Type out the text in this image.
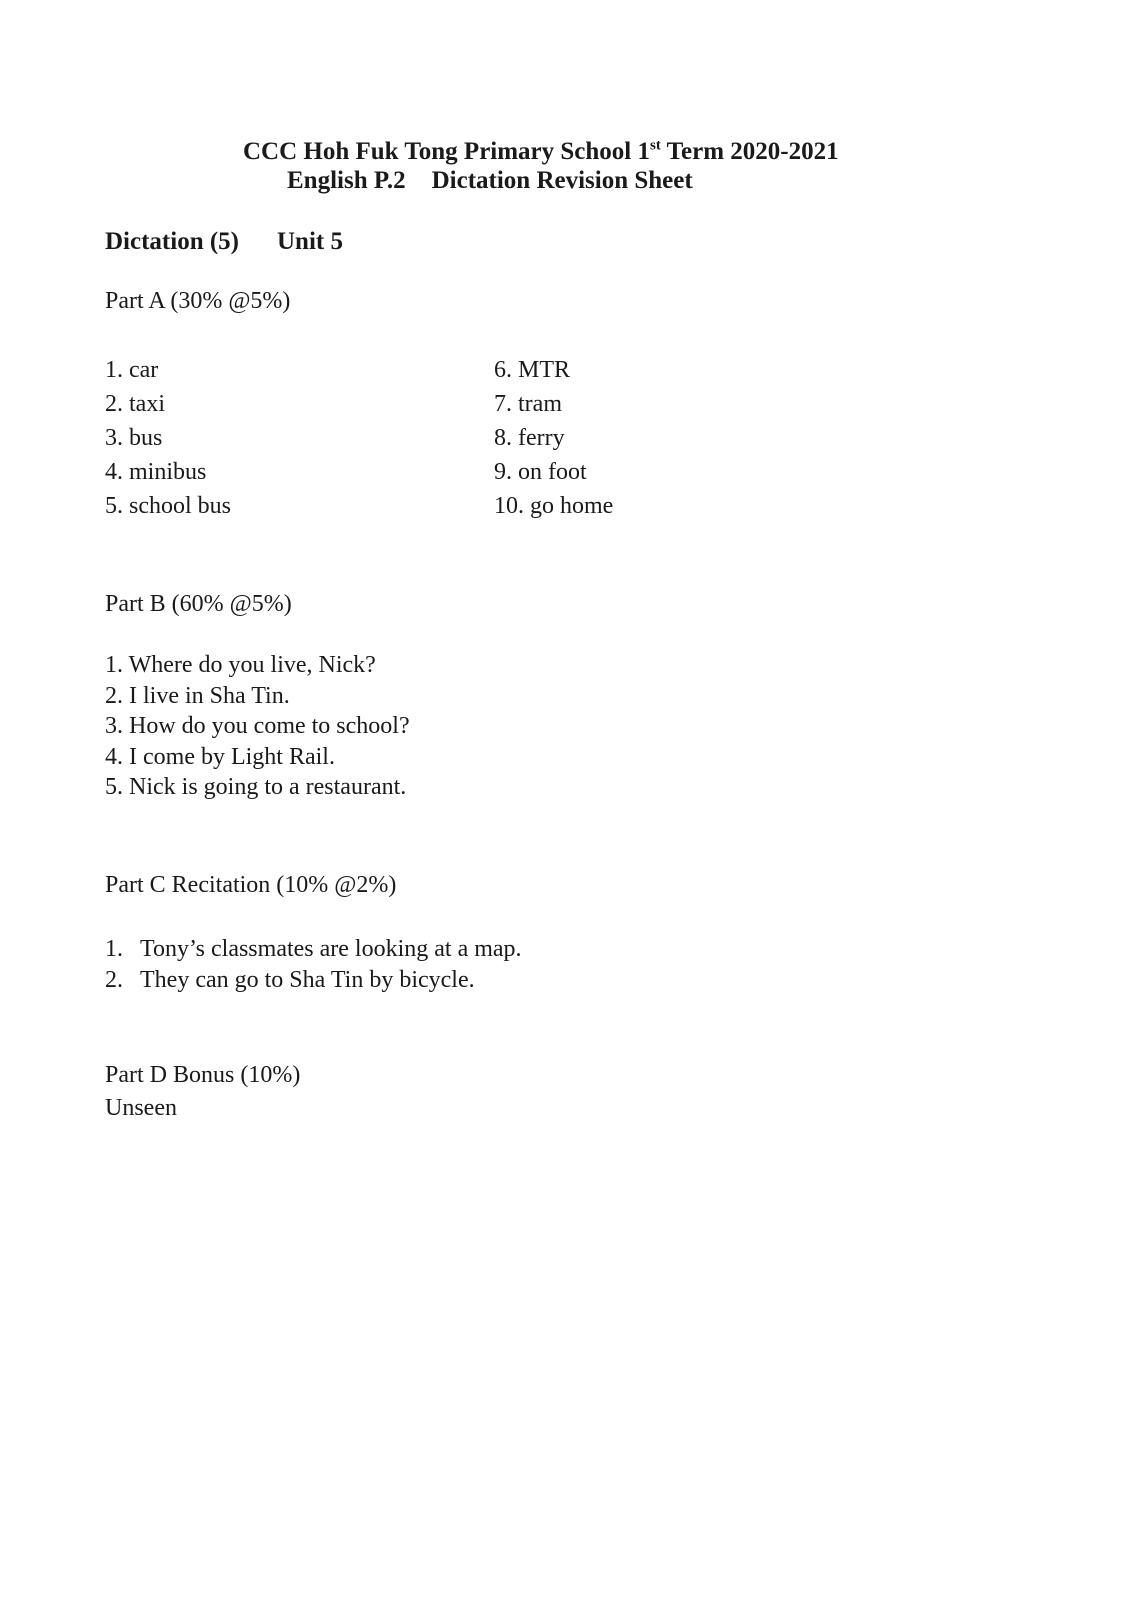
CCC Hoh Fuk Tong Primary School 1st Term 2020-2021
English P.2 Dictation Revision Sheet
Dictation (5) Unit 5
Part A (30% @5%)
1. car
2. taxi
3. bus
4. minibus
5. school bus
6. MTR
7. tram
8. ferry
9. on foot
10. go home
Part B (60% @5%)
1. Where do you live, Nick?
2. I live in Sha Tin.
3. How do you come to school?
4. I come by Light Rail.
5. Nick is going to a restaurant.
Part C Recitation (10% @2%)
1. Tony’s classmates are looking at a map.
2. They can go to Sha Tin by bicycle.
Part D Bonus (10%)
Unseen
